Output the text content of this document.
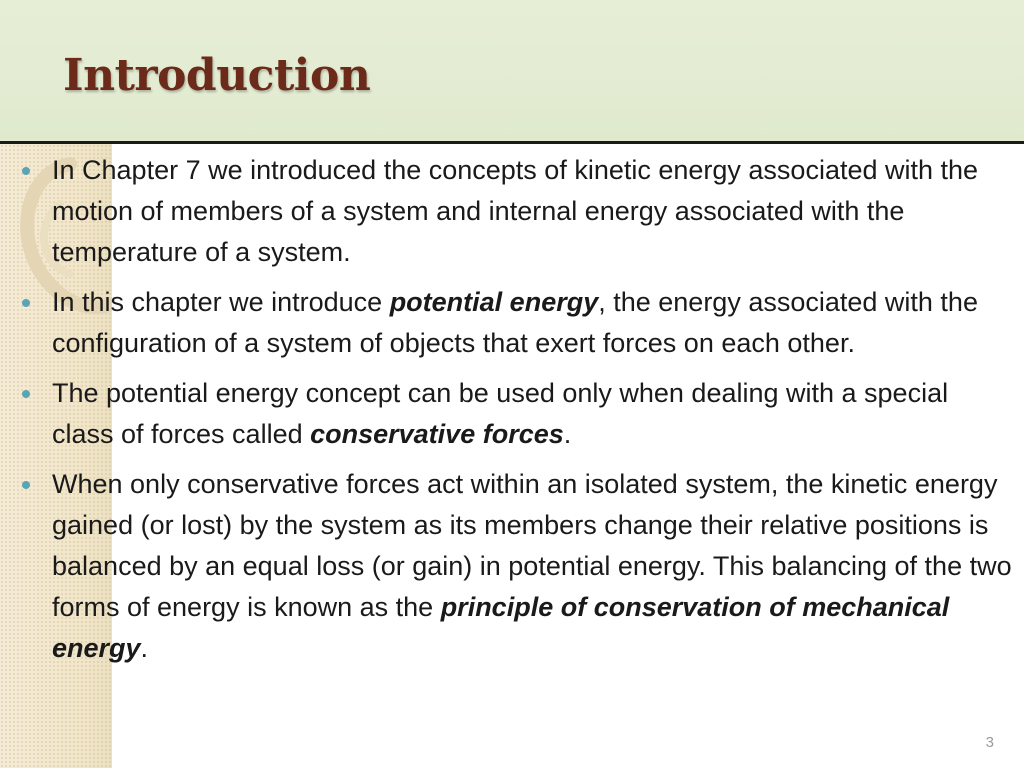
Introduction
In Chapter 7 we introduced the concepts of kinetic energy associated with the motion of members of a system and internal energy associated with the temperature of a system.
In this chapter we introduce potential energy, the energy associated with the configuration of a system of objects that exert forces on each other.
The potential energy concept can be used only when dealing with a special class of forces called conservative forces.
When only conservative forces act within an isolated system, the kinetic energy gained (or lost) by the system as its members change their relative positions is balanced by an equal loss (or gain) in potential energy. This balancing of the two forms of energy is known as the principle of conservation of mechanical energy.
3
